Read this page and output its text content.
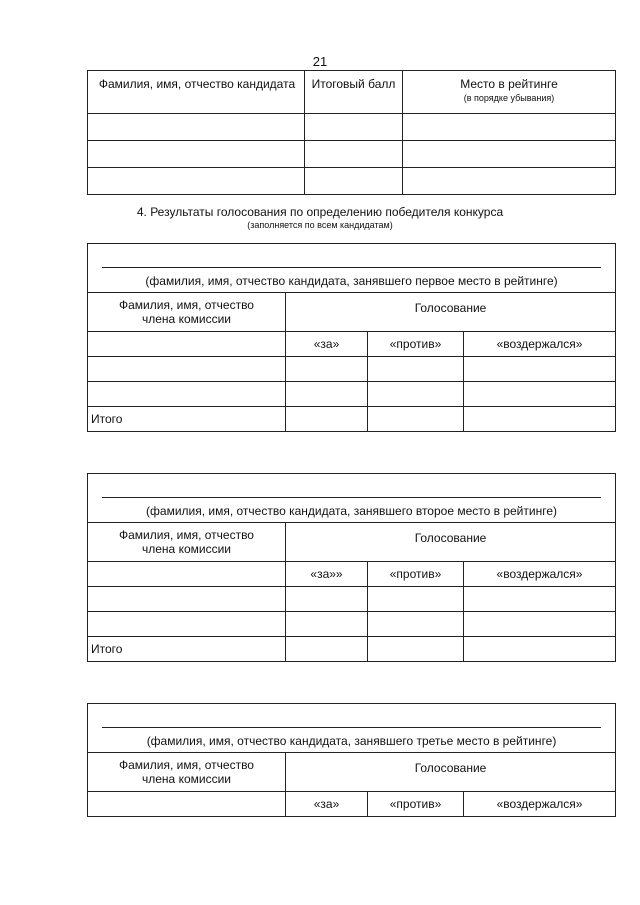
21
Фамилия, имя, отчество кандидата	Итоговый балл	Место в рейтинге
(в порядке убывания)

4. Результаты голосования по определению победителя конкурса
(заполняется по всем кандидатам)
(фамилия, имя, отчество кандидата, занявшего первое место в рейтинге)			
Фамилия, имя, отчество
члена комиссии	Голосование		
	«за»	«против»	«воздержался»

Итого			
(фамилия, имя, отчество кандидата, занявшего второе место в рейтинге)			
Фамилия, имя, отчество
члена комиссии	Голосование		
	«за»»	«против»	«воздержался»

Итого			
(фамилия, имя, отчество кандидата, занявшего третье место в рейтинге)			
Фамилия, имя, отчество
члена комиссии	Голосование		
	«за»	«против»	«воздержался»
